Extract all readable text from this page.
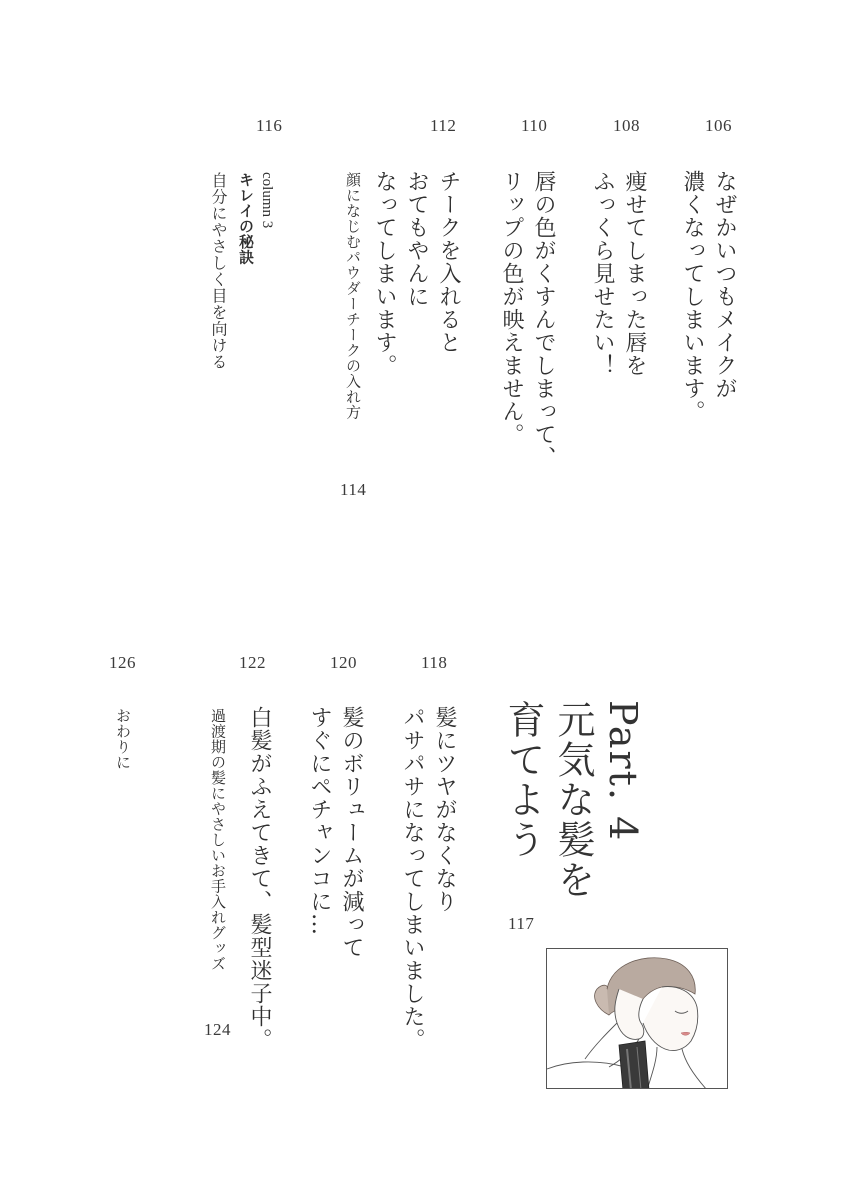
106

なぜかいつもメイクが
濃くなってしまいます。

108

痩せてしまった唇を
ふっくら見せたい！

110

唇の色がくすんでしまって、
リップの色が映えません。

112

チークを入れると
おてもやんに
なってしまいます。

顔になじむパウダーチークの入れ方
114
116
column 3
キレイの秘訣
自分にやさしく目を向ける
Part. 4
元気な髪を
育てよう
117
118

髪にツヤがなくなり
パサパサになってしまいました。

120

髪のボリュームが減って
すぐにペチャンコに…

122

白髪がふえてきて、髪型迷子中。

過渡期の髪にやさしいお手入れグッズ
124
126
おわりに
